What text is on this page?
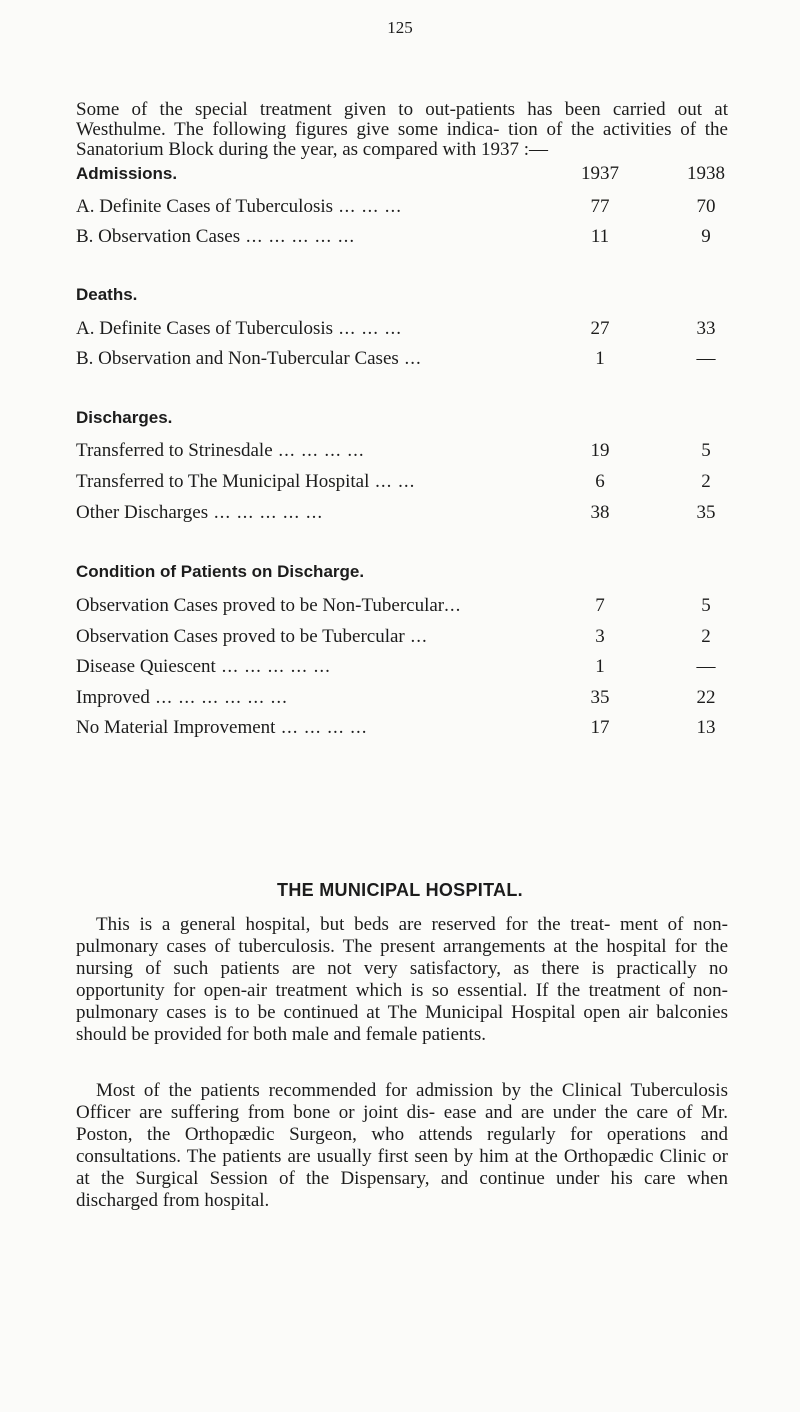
125
Some of the special treatment given to out-patients has been carried out at Westhulme. The following figures give some indica- tion of the activities of the Sanatorium Block during the year, as compared with 1937 :—
1937	1938
Admissions.
A. Definite Cases of Tuberculosis ... ... ...	77	70
B. Observation Cases ... ... ... ... ...	11	9
Deaths.
A. Definite Cases of Tuberculosis ... ... ...	27	33
B. Observation and Non-Tubercular Cases ...	1	—
Discharges.
Transferred to Strinesdale ... ... ... ...	19	5
Transferred to The Municipal Hospital ... ...	6	2
Other Discharges ... ... ... ... ...	38	35
Condition of Patients on Discharge.
Observation Cases proved to be Non-Tubercular...	7	5
Observation Cases proved to be Tubercular ...	3	2
Disease Quiescent ... ... ... ... ...	1	—
Improved ... ... ... ... ... ...	35	22
No Material Improvement ... ... ... ...	17	13
THE MUNICIPAL HOSPITAL.
This is a general hospital, but beds are reserved for the treat- ment of non-pulmonary cases of tuberculosis. The present arrangements at the hospital for the nursing of such patients are not very satisfactory, as there is practically no opportunity for open-air treatment which is so essential. If the treatment of non-pulmonary cases is to be continued at The Municipal Hospital open air balconies should be provided for both male and female patients.
Most of the patients recommended for admission by the Clinical Tuberculosis Officer are suffering from bone or joint dis- ease and are under the care of Mr. Poston, the Orthopædic Surgeon, who attends regularly for operations and consultations. The patients are usually first seen by him at the Orthopædic Clinic or at the Surgical Session of the Dispensary, and continue under his care when discharged from hospital.
